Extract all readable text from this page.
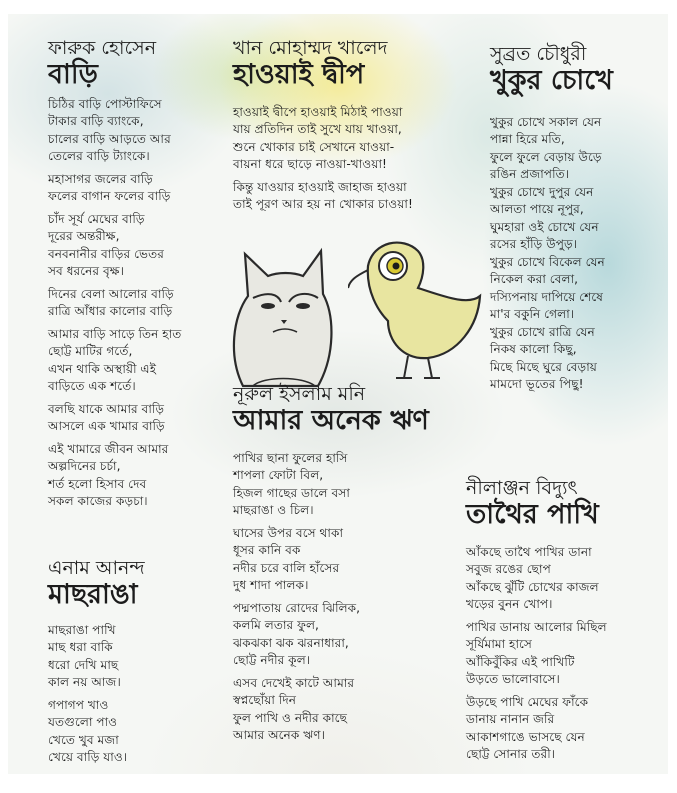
ফারুক হোসেন
বাড়ি
চিঠির বাড়ি পোস্টাফিসে
টাকার বাড়ি ব্যাংকে,
চালের বাড়ি আড়তে আর
তেলের বাড়ি ট্যাংকে।
মহাসাগর জলের বাড়ি
ফলের বাগান ফলের বাড়ি
চাঁদ সূর্য মেঘের বাড়ি
দূরের অন্তরীক্ষ,
বনবনানীর বাড়ির ভেতর
সব ধরনের বৃক্ষ।
দিনের বেলা আলোর বাড়ি
রাত্রি আঁধার কালোর বাড়ি
আমার বাড়ি সাড়ে তিন হাত
ছোট্ট মাটির গর্তে,
এখন থাকি অস্থায়ী এই
বাড়িতে এক শর্তে।
বলছি যাকে আমার বাড়ি
আসলে এক খামার বাড়ি
এই খামারে জীবন আমার
অল্পদিনের চর্চা,
শর্ত হলো হিসাব দেব
সকল কাজের কড়চা।
খান মোহাম্মদ খালেদ
হাওয়াই দ্বীপ
হাওয়াই দ্বীপে হাওয়াই মিঠাই পাওয়া
যায় প্রতিদিন তাই সুখে যায় খাওয়া,
শুনে খোকার চাই সেখানে যাওয়া-
বায়না ধরে ছাড়ে নাওয়া-খাওয়া!
কিন্তু যাওয়ার হাওয়াই জাহাজ হাওয়া
তাই পূরণ আর হয় না খোকার চাওয়া!
সুব্রত চৌধুরী
খুকুর চোখে
খুকুর চোখে সকাল যেন
পান্না হিরে মতি,
ফুলে ফুলে বেড়ায় উড়ে
রঙিন প্রজাপতি।
খুকুর চোখে দুপুর যেন
আলতা পায়ে নূপুর,
ঘুমহারা ওই চোখে যেন
রসের হাঁড়ি উপুড়।
খুকুর চোখে বিকেল যেন
নিকেল করা বেলা,
দস্যিপনায় দাপিয়ে শেষে
মা'র বকুনি গেলা।
খুকুর চোখে রাত্রি যেন
নিকষ কালো কিছু,
মিছে মিছে ঘুরে বেড়ায়
মামদো ভূতের পিছু!
নূরুল ইসলাম মনি
আমার অনেক ঋণ
পাখির ছানা ফুলের হাসি
শাপলা ফোটা বিল,
হিজল গাছের ডালে বসা
মাছরাঙা ও চিল।
ঘাসের উপর বসে থাকা
ধূসর কানি বক
নদীর চরে বালি হাঁসের
দুধ শাদা পালক।
পদ্মপাতায় রোদের ঝিলিক,
কলমি লতার ফুল,
ঝকঝকা ঝক ঝরনাধারা,
ছোট্ট নদীর কূল।
এসব দেখেই কাটে আমার
স্বপ্নছোঁয়া দিন
ফুল পাখি ও নদীর কাছে
আমার অনেক ঋণ।
নীলাঞ্জন বিদ্যুৎ
তাথৈর পাখি
আঁকছে তাথৈ পাখির ডানা
সবুজ রঙের ছোপ
আঁকছে ঝুঁটি চোখের কাজল
খড়ের বুনন খোপ।
পাখির ডানায় আলোর মিছিল
সূর্যিমামা হাসে
আঁকিবুঁকির এই পাখিটি
উড়তে ভালোবাসে।
উড়ছে পাখি মেঘের ফাঁকে
ডানায় নানান জরি
আকাশগাঙে ভাসছে যেন
ছোট্ট সোনার তরী।
এনাম আনন্দ
মাছরাঙা
মাছরাঙা পাখি
মাছ ধরা বাকি
ধরো দেখি মাছ
কাল নয় আজ।
গপাগপ খাও
যতগুলো পাও
খেতে খুব মজা
খেয়ে বাড়ি যাও।
